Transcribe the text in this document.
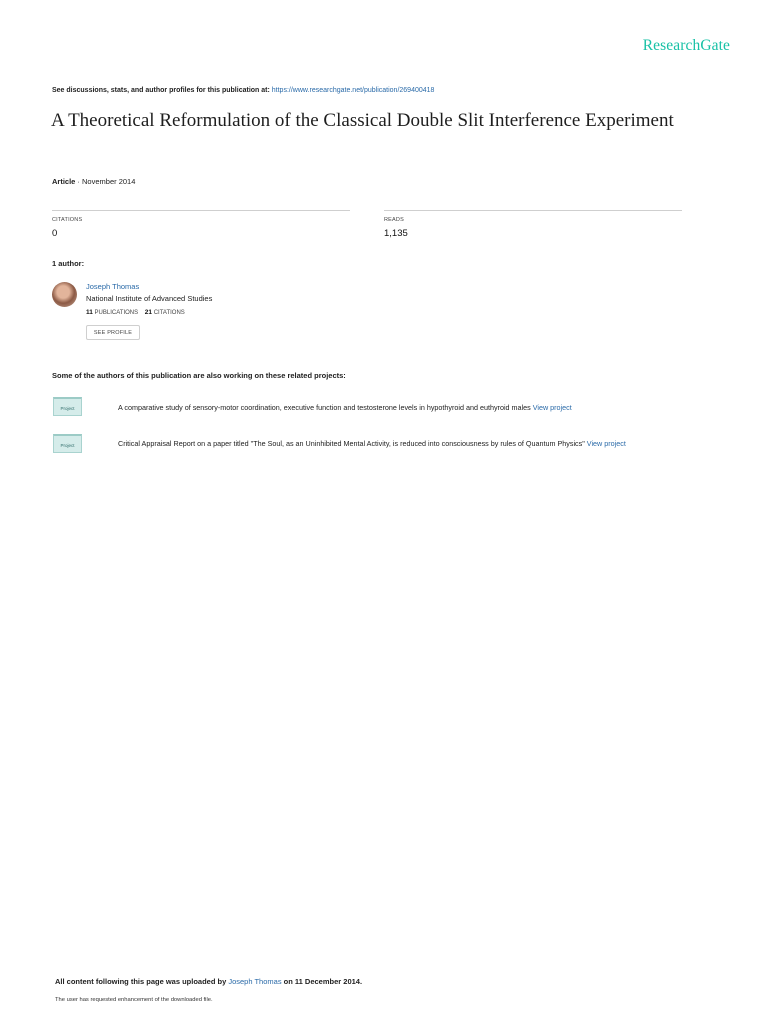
ResearchGate
See discussions, stats, and author profiles for this publication at: https://www.researchgate.net/publication/269400418
A Theoretical Reformulation of the Classical Double Slit Interference Experiment
Article · November 2014
CITATIONS
0
READS
1,135
1 author:
Joseph Thomas
National Institute of Advanced Studies
11 PUBLICATIONS 21 CITATIONS
SEE PROFILE
Some of the authors of this publication are also working on these related projects:
Project	A comparative study of sensory-motor coordination, executive function and testosterone levels in hypothyroid and euthyroid males View project
Project	Critical Appraisal Report on a paper titled "The Soul, as an Uninhibited Mental Activity, is reduced into consciousness by rules of Quantum Physics" View project
All content following this page was uploaded by Joseph Thomas on 11 December 2014.
The user has requested enhancement of the downloaded file.
